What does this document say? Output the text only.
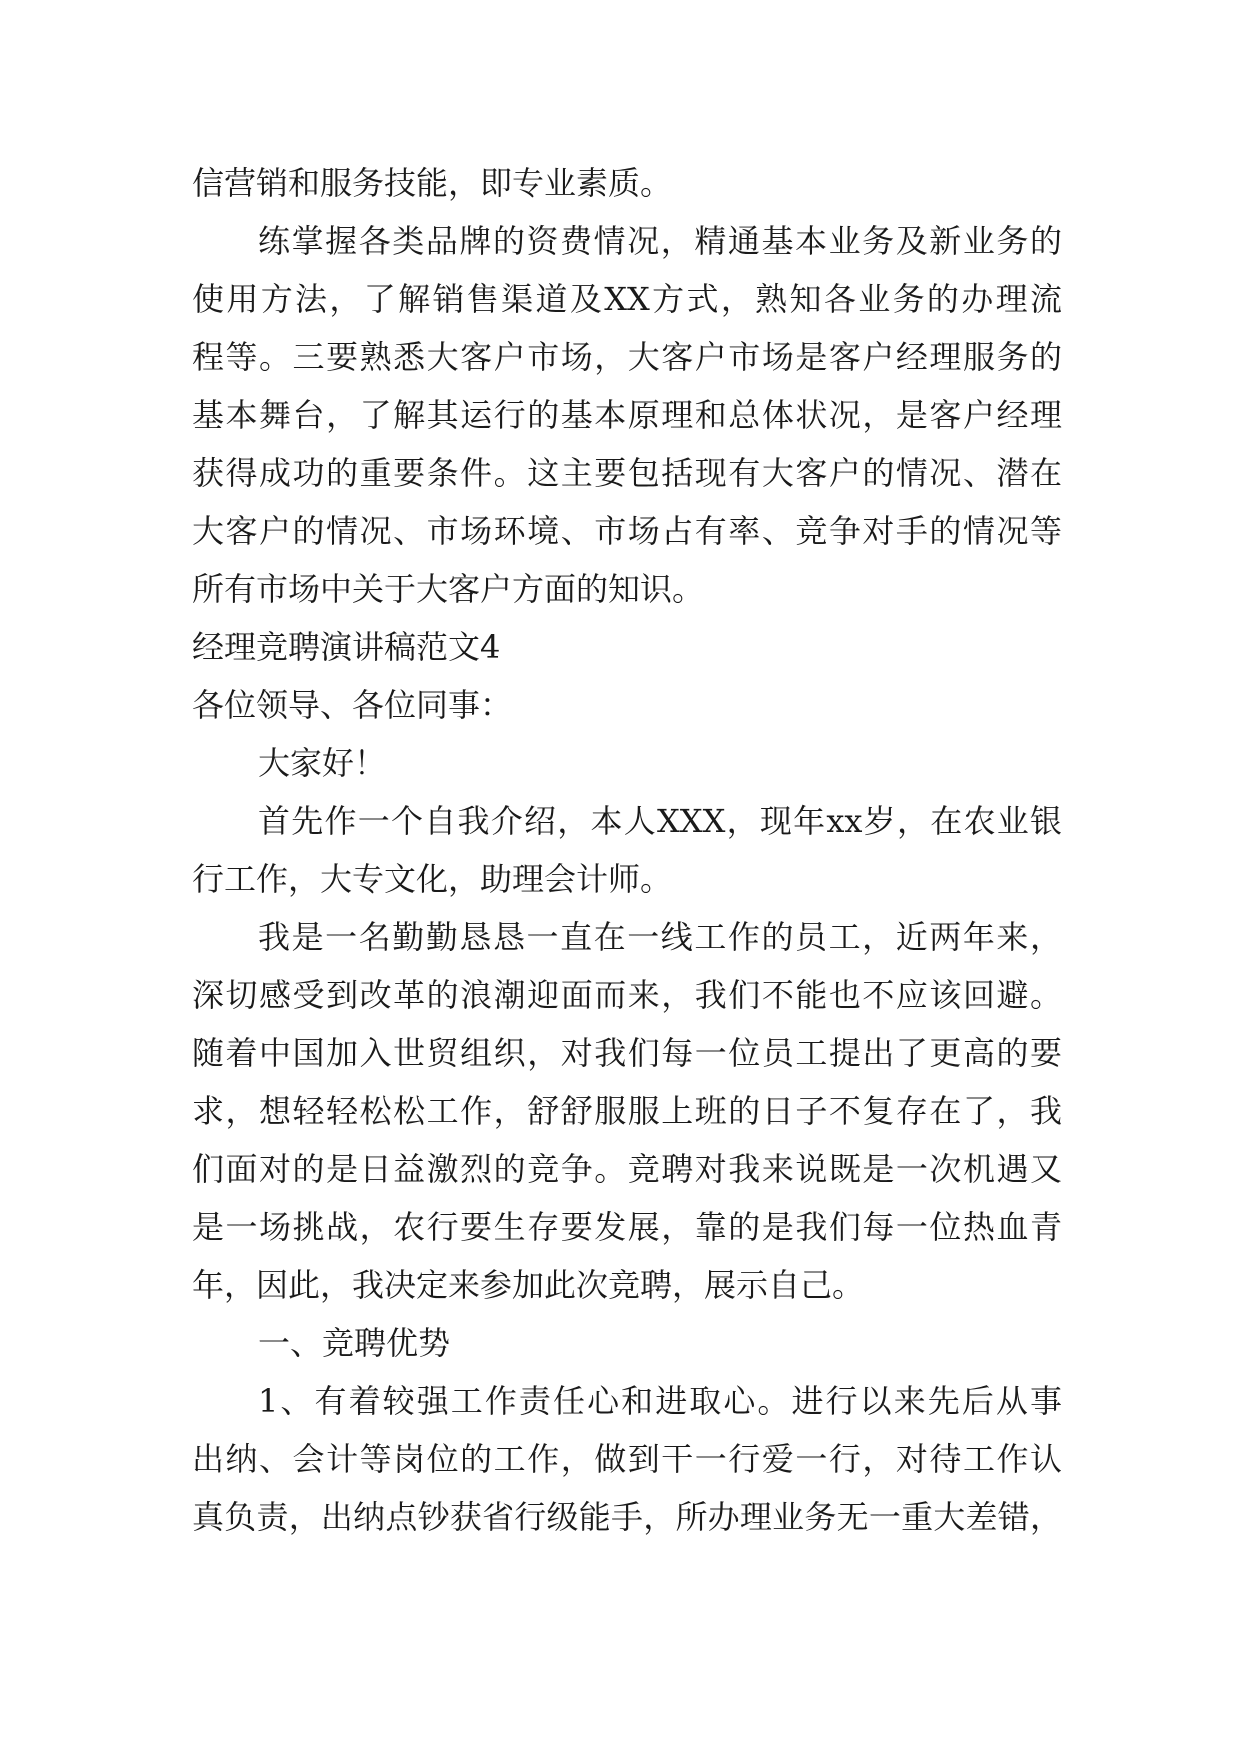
信营销和服务技能，即专业素质。
练掌握各类品牌的资费情况，精通基本业务及新业务的
使用方法，了解销售渠道及XX方式，熟知各业务的办理流
程等。三要熟悉大客户市场，大客户市场是客户经理服务的
基本舞台，了解其运行的基本原理和总体状况，是客户经理
获得成功的重要条件。这主要包括现有大客户的情况、潜在
大客户的情况、市场环境、市场占有率、竞争对手的情况等
所有市场中关于大客户方面的知识。
经理竞聘演讲稿范文4
各位领导、各位同事：
大家好！
首先作一个自我介绍，本人XXX，现年xx岁，在农业银
行工作，大专文化，助理会计师。
我是一名勤勤恳恳一直在一线工作的员工，近两年来，
深切感受到改革的浪潮迎面而来，我们不能也不应该回避。
随着中国加入世贸组织，对我们每一位员工提出了更高的要
求，想轻轻松松工作，舒舒服服上班的日子不复存在了，我
们面对的是日益激烈的竞争。竞聘对我来说既是一次机遇又
是一场挑战，农行要生存要发展，靠的是我们每一位热血青
年，因此，我决定来参加此次竞聘，展示自己。
一、竞聘优势
1、有着较强工作责任心和进取心。进行以来先后从事
出纳、会计等岗位的工作，做到干一行爱一行，对待工作认
真负责，出纳点钞获省行级能手，所办理业务无一重大差错，
